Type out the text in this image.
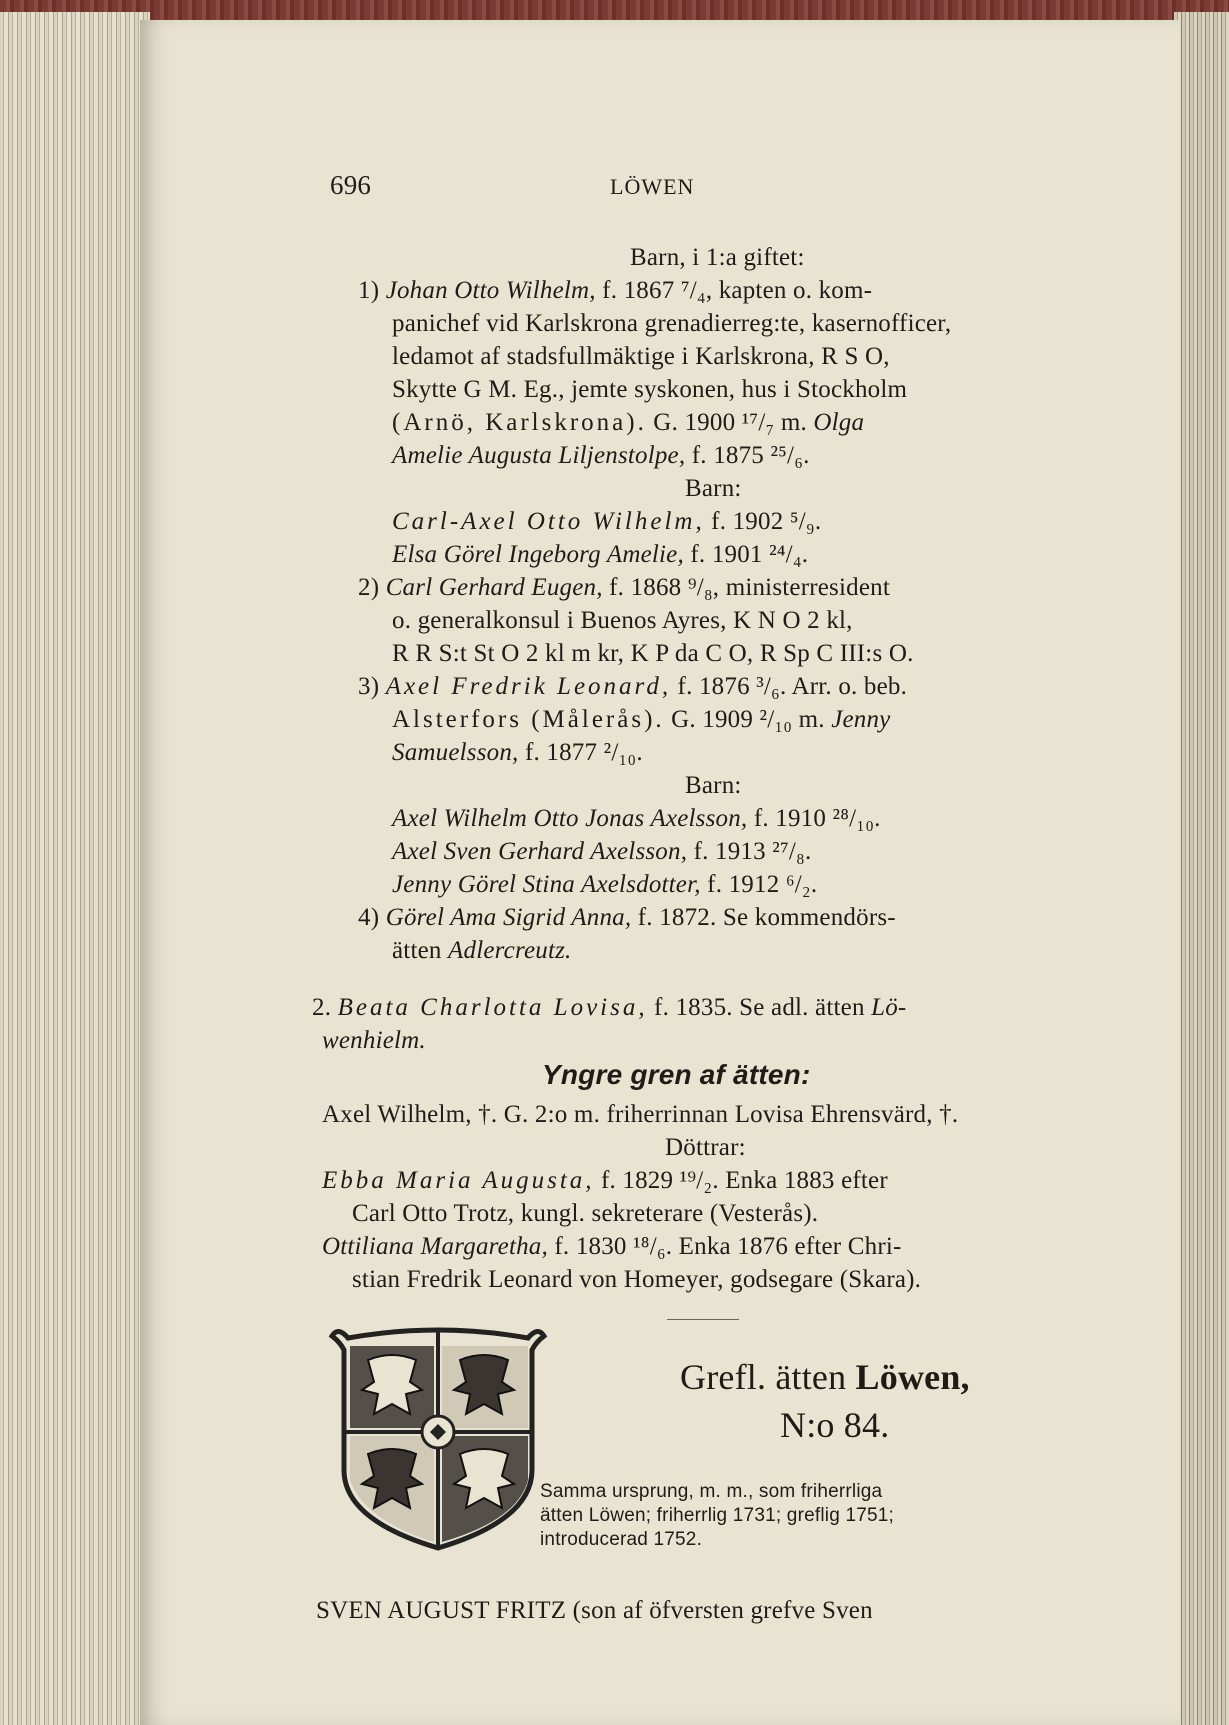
696	LÖWEN
Barn, i 1:a giftet:
1) Johan Otto Wilhelm, f. 1867 ⁷/₄, kapten o. kom-
panichef vid Karlskrona grenadierreg:te, kasernofficer,
ledamot af stadsfullmäktige i Karlskrona, R S O,
Skytte G M. Eg., jemte syskonen, hus i Stockholm
(Arnö, Karlskrona). G. 1900 ¹⁷/₇ m. Olga
Amelie Augusta Liljenstolpe, f. 1875 ²⁵/₆.
Barn:
Carl-Axel Otto Wilhelm, f. 1902 ⁵/₉.
Elsa Görel Ingeborg Amelie, f. 1901 ²⁴/₄.
2) Carl Gerhard Eugen, f. 1868 ⁹/₈, ministerresident
o. generalkonsul i Buenos Ayres, K N O 2 kl,
R R S:t St O 2 kl m kr, K P da C O, R Sp C III:s O.
3) Axel Fredrik Leonard, f. 1876 ³/₆. Arr. o. beb.
Alsterfors (Målerås). G. 1909 ²/₁₀ m. Jenny
Samuelsson, f. 1877 ²/₁₀.
Barn:
Axel Wilhelm Otto Jonas Axelsson, f. 1910 ²⁸/₁₀.
Axel Sven Gerhard Axelsson, f. 1913 ²⁷/₈.
Jenny Görel Stina Axelsdotter, f. 1912 ⁶/₂.
4) Görel Ama Sigrid Anna, f. 1872. Se kommendörs-
ätten Adlercreutz.
2. Beata Charlotta Lovisa, f. 1835. Se adl. ätten Lö-
wenhielm.
Yngre gren af ätten:
Axel Wilhelm, †. G. 2:o m. friherrinnan Lovisa Ehrensvärd, †.
Döttrar:
Ebba Maria Augusta, f. 1829 ¹⁹/₂. Enka 1883 efter
Carl Otto Trotz, kungl. sekreterare (Vesterås).
Ottiliana Margaretha, f. 1830 ¹⁸/₆. Enka 1876 efter Chri-
stian Fredrik Leonard von Homeyer, godsegare (Skara).
Grefl. ätten Löwen,
N:o 84.
Samma ursprung, m. m., som friherrliga
ätten Löwen; friherrlig 1731; greflig 1751;
introducerad 1752.
SVEN AUGUST FRITZ (son af öfversten grefve Sven
